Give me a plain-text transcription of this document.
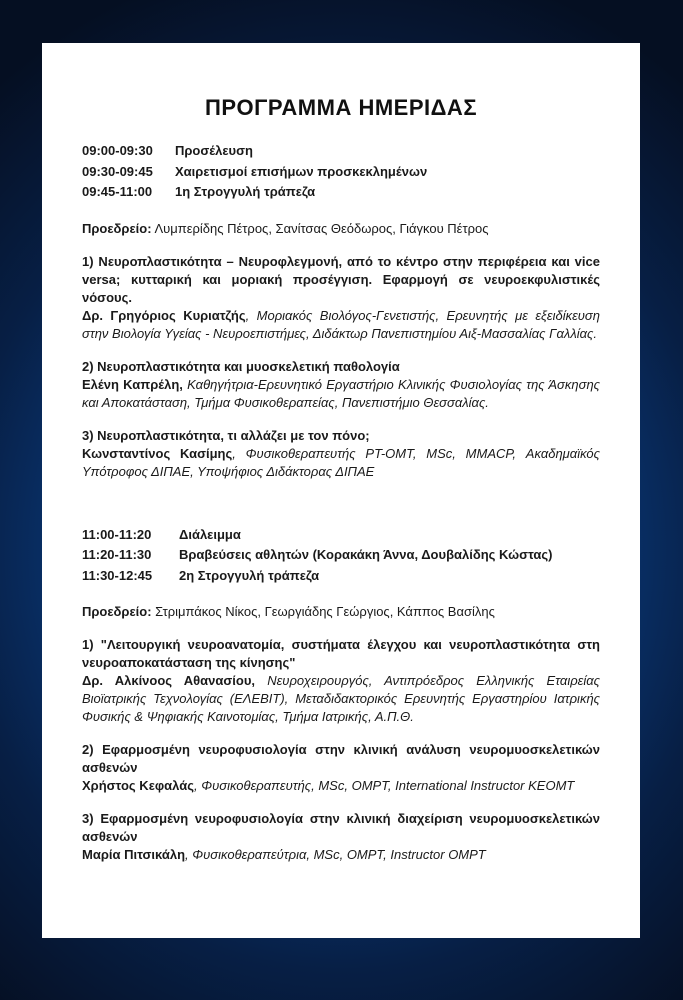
ΠΡΟΓΡΑΜΜΑ ΗΜΕΡΙΔΑΣ
09:00-09:30	Προσέλευση
09:30-09:45	Χαιρετισμοί επισήμων προσκεκλημένων
09:45-11:00	1η Στρογγυλή τράπεζα
Προεδρείο: Λυμπερίδης Πέτρος, Σανίτσας Θεόδωρος, Γιάγκου Πέτρος
1) Νευροπλαστικότητα – Νευροφλεγμονή, από το κέντρο στην περιφέρεια και vice versa; κυτταρική και μοριακή προσέγγιση. Εφαρμογή σε νευροεκφυλιστικές νόσους.
Δρ. Γρηγόριος Κυριατζής, Μοριακός Βιολόγος-Γενετιστής, Ερευνητής με εξειδίκευση στην Βιολογία Υγείας - Νευροεπιστήμες, Διδάκτωρ Πανεπιστημίου Αιξ-Μασσαλίας Γαλλίας.
2) Νευροπλαστικότητα και μυοσκελετική παθολογία
Ελένη Καπρέλη, Καθηγήτρια-Ερευνητικό Εργαστήριο Κλινικής Φυσιολογίας της Άσκησης και Αποκατάσταση, Τμήμα Φυσικοθεραπείας, Πανεπιστήμιο Θεσσαλίας.
3) Νευροπλαστικότητα, τι αλλάζει με τον πόνο;
Κωνσταντίνος Κασίμης, Φυσικοθεραπευτής PT-OMT, MSc, MMACP, Ακαδημαϊκός Υπότροφος ΔΙΠΑΕ, Υποψήφιος Διδάκτορας ΔΙΠΑΕ
11:00-11:20	Διάλειμμα
11:20-11:30	Βραβεύσεις αθλητών (Κορακάκη Άννα, Δουβαλίδης Κώστας)
11:30-12:45	2η Στρογγυλή τράπεζα
Προεδρείο: Στριμπάκος Νίκος, Γεωργιάδης Γεώργιος, Κάππος Βασίλης
1) "Λειτουργική νευροανατομία, συστήματα έλεγχου και νευροπλαστικότητα στη νευροαποκατάσταση της κίνησης"
Δρ. Αλκίνοος Αθανασίου, Νευροχειρουργός, Αντιπρόεδρος Ελληνικής Εταιρείας Βιοϊατρικής Τεχνολογίας (ΕΛΕΒΙΤ), Μεταδιδακτορικός Ερευνητής Εργαστηρίου Ιατρικής Φυσικής & Ψηφιακής Καινοτομίας, Τμήμα Ιατρικής, Α.Π.Θ.
2) Εφαρμοσμένη νευροφυσιολογία στην κλινική ανάλυση νευρομυοσκελετικών ασθενών
Χρήστος Κεφαλάς, Φυσικοθεραπευτής, MSc, OMPT, International Instructor KEOMT
3) Εφαρμοσμένη νευροφυσιολογία στην κλινική διαχείριση νευρομυοσκελετικών ασθενών
Μαρία Πιτσικάλη, Φυσικοθεραπεύτρια, MSc, OMPT, Instructor OMPT
